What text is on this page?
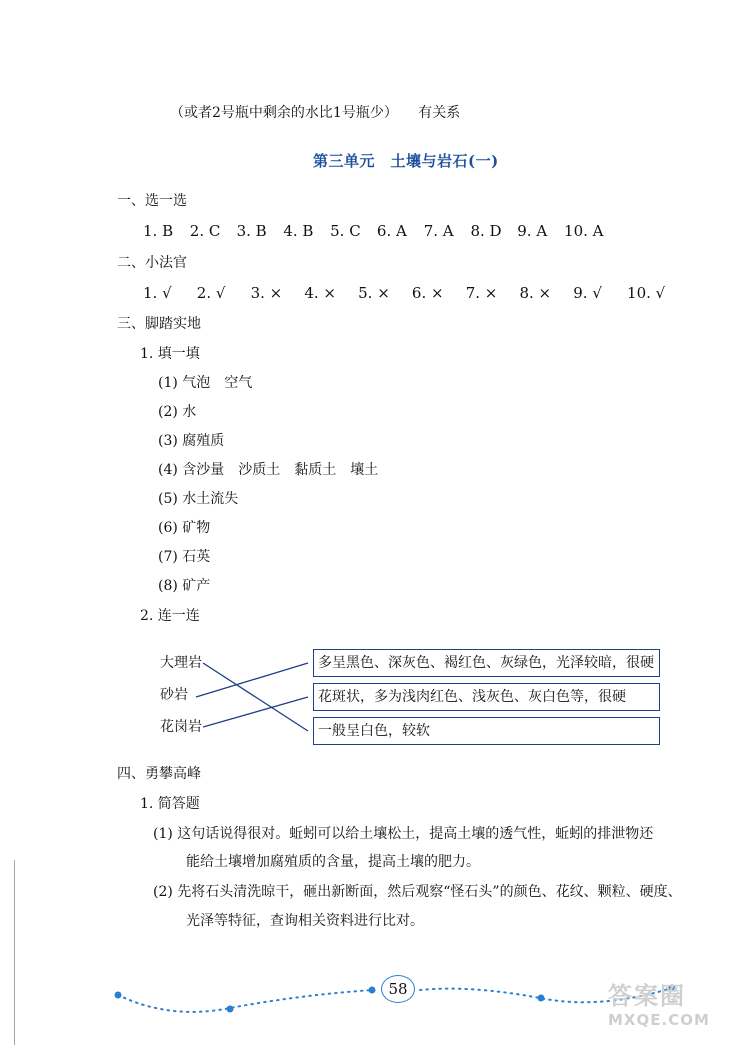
（或者2号瓶中剩余的水比1号瓶少） 有关系
第三单元　土壤与岩石(一)
一、选一选
1. B 2. C 3. B 4. B 5. C 6. A 7. A 8. D 9. A 10. A
二、小法官
1. √ 2. √ 3. × 4. × 5. × 6. × 7. × 8. × 9. √ 10. √
三、脚踏实地
1. 填一填
(1) 气泡　空气
(2) 水
(3) 腐殖质
(4) 含沙量　沙质土　黏质土　壤土
(5) 水土流失
(6) 矿物
(7) 石英
(8) 矿产
2. 连一连
大理岩
砂岩
花岗岩
多呈黑色、深灰色、褐红色、灰绿色，光泽较暗，很硬
花斑状，多为浅肉红色、浅灰色、灰白色等，很硬
一般呈白色，较软
四、勇攀高峰
1. 简答题
(1) 这句话说得很对。蚯蚓可以给土壤松土，提高土壤的透气性，蚯蚓的排泄物还
能给土壤增加腐殖质的含量，提高土壤的肥力。
(2) 先将石头清洗晾干，砸出新断面，然后观察“怪石头”的颜色、花纹、颗粒、硬度、
光泽等特征，查询相关资料进行比对。
58	答案圈
MXQE.COM
